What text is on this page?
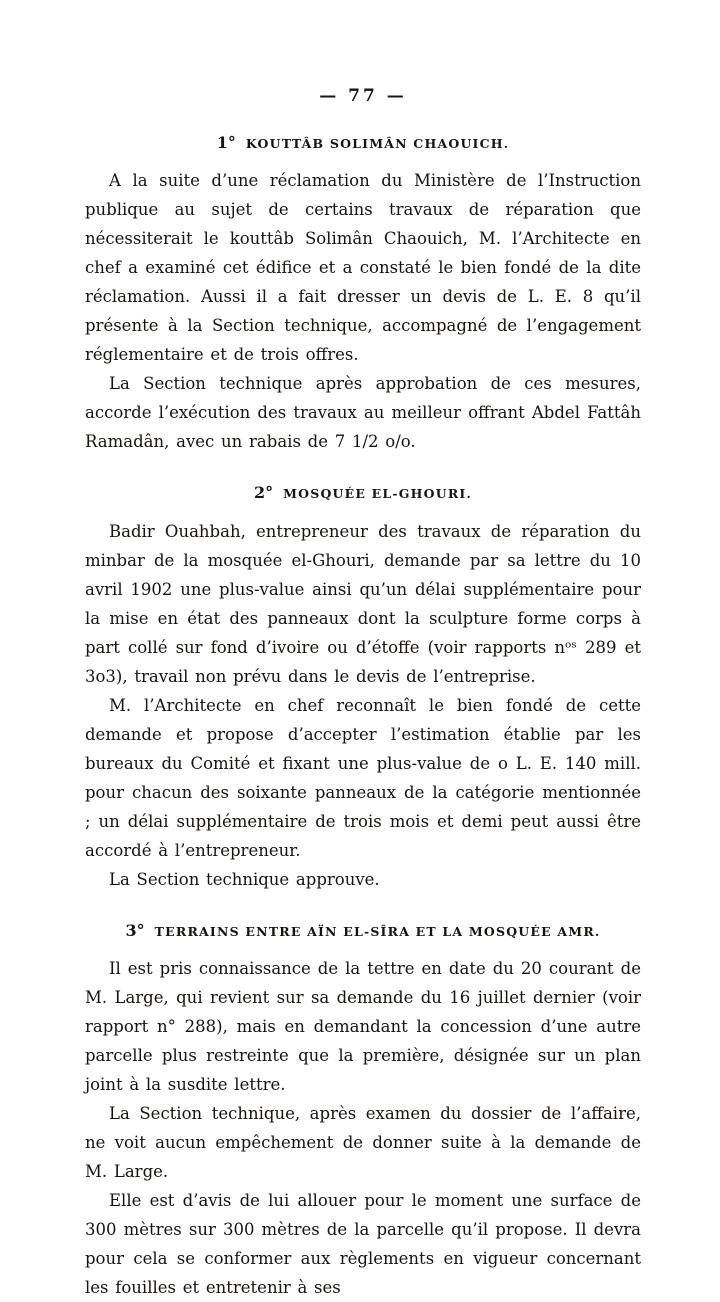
— 77 —
1° KOUTTÂB SOLIMÂN CHAOUICH.

A la suite d’une réclamation du Ministère de l’Instruction publique au sujet de certains travaux de réparation que nécessiterait le kouttâb Solimân Chaouich, M. l’Architecte en chef a examiné cet édifice et a constaté le bien fondé de la dite réclamation. Aussi il a fait dresser un devis de L. E. 8 qu’il présente à la Section technique, accompagné de l’engagement réglementaire et de trois offres.

La Section technique après approbation de ces mesures, accorde l’exécution des travaux au meilleur offrant Abdel Fattâh Ramadân, avec un rabais de 7 1/2 o/o.

2° MOSQUÉE EL-GHOURI.

Badir Ouahbah, entrepreneur des travaux de réparation du minbar de la mosquée el-Ghouri, demande par sa lettre du 10 avril 1902 une plus-value ainsi qu’un délai supplémentaire pour la mise en état des panneaux dont la sculpture forme corps à part collé sur fond d’ivoire ou d’étoffe (voir rapports nᵒˢ 289 et 3o3), travail non prévu dans le devis de l’entreprise.

M. l’Architecte en chef reconnaît le bien fondé de cette demande et propose d’accepter l’estimation établie par les bureaux du Comité et fixant une plus-value de o L. E. 140 mill. pour chacun des soixante panneaux de la catégorie mentionnée ; un délai supplémentaire de trois mois et demi peut aussi être accordé à l’entrepreneur.

La Section technique approuve.

3° TERRAINS ENTRE AÏN EL-SÎRA ET LA MOSQUÉE AMR.

Il est pris connaissance de la tettre en date du 20 courant de M. Large, qui revient sur sa demande du 16 juillet dernier (voir rapport n° 288), mais en demandant la concession d’une autre parcelle plus restreinte que la première, désignée sur un plan joint à la susdite lettre.

La Section technique, après examen du dossier de l’affaire, ne voit aucun empêchement de donner suite à la demande de M. Large.

Elle est d’avis de lui allouer pour le moment une surface de 300 mètres sur 300 mètres de la parcelle qu’il propose. Il devra pour cela se conformer aux règlements en vigueur concernant les fouilles et entretenir à ses
